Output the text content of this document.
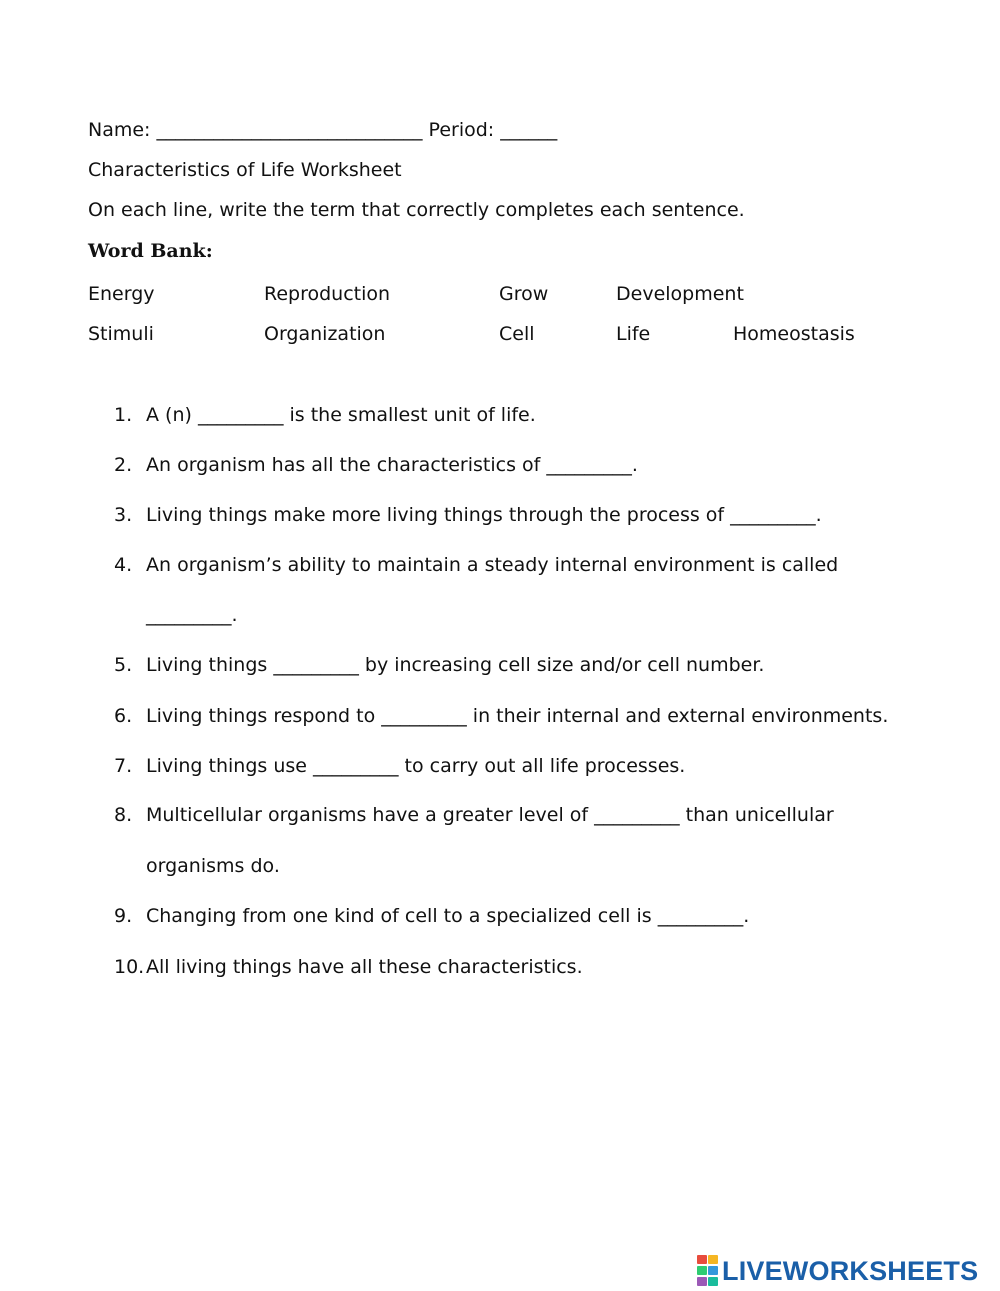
Name: ____________________________ Period: ______
Characteristics of Life Worksheet
On each line, write the term that correctly completes each sentence.
Word Bank:
Energy	Reproduction	Grow	Development
Stimuli	Organization	Cell	Life	Homeostasis
1. A (n) _________ is the smallest unit of life.
2. An organism has all the characteristics of _________.
3. Living things make more living things through the process of _________.
4. An organism’s ability to maintain a steady internal environment is called
_________.
5. Living things _________ by increasing cell size and/or cell number.
6. Living things respond to _________ in their internal and external environments.
7. Living things use _________ to carry out all life processes.
8. Multicellular organisms have a greater level of _________ than unicellular
organisms do.
9. Changing from one kind of cell to a specialized cell is _________.
10.All living things have all these characteristics.
LIVEWORKSHEETS
